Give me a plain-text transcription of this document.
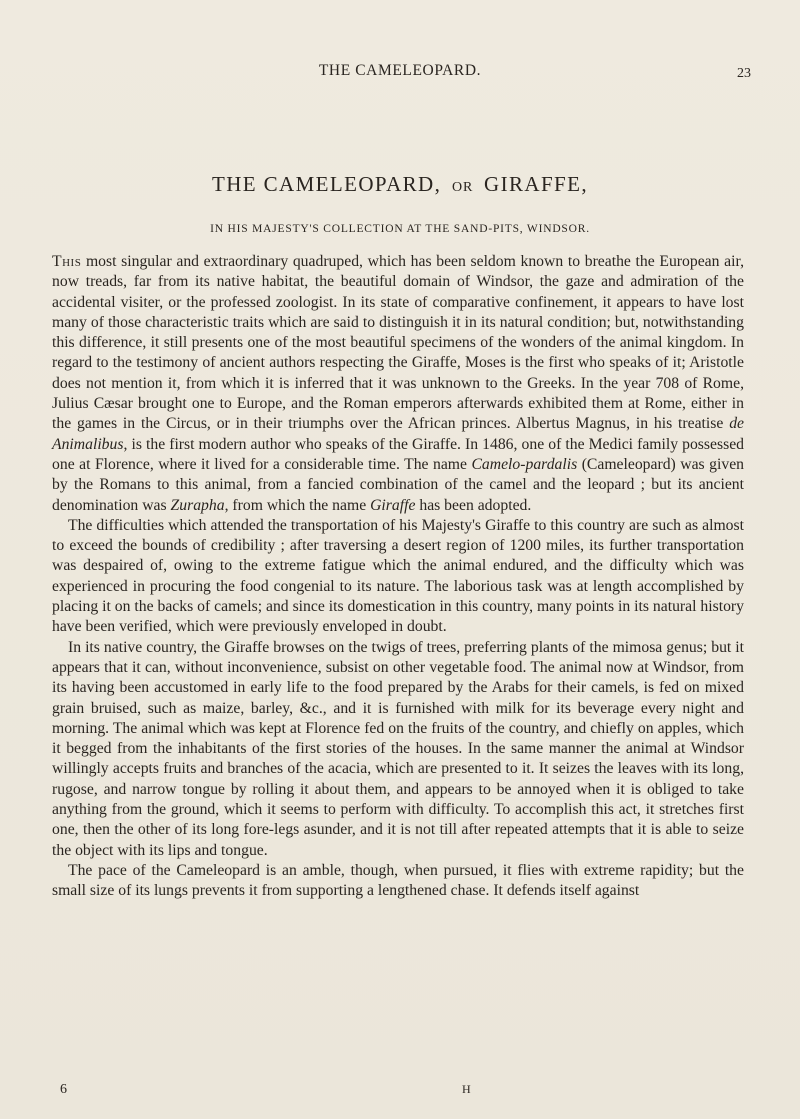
THE CAMELEOPARD.	23
THE CAMELEOPARD, OR GIRAFFE,
IN HIS MAJESTY'S COLLECTION AT THE SAND-PITS, WINDSOR.

This most singular and extraordinary quadruped, which has been seldom known to breathe the European air, now treads, far from its native habitat, the beautiful domain of Windsor, the gaze and admiration of the accidental visiter, or the professed zoologist. In its state of comparative confinement, it appears to have lost many of those characteristic traits which are said to distinguish it in its natural condition; but, notwithstanding this difference, it still presents one of the most beautiful specimens of the wonders of the animal kingdom. In regard to the testimony of ancient authors respecting the Giraffe, Moses is the first who speaks of it; Aristotle does not mention it, from which it is inferred that it was unknown to the Greeks. In the year 708 of Rome, Julius Cæsar brought one to Europe, and the Roman emperors afterwards exhibited them at Rome, either in the games in the Circus, or in their triumphs over the African princes. Albertus Magnus, in his treatise de Animalibus, is the first modern author who speaks of the Giraffe. In 1486, one of the Medici family possessed one at Florence, where it lived for a considerable time. The name Camelo-pardalis (Cameleopard) was given by the Romans to this animal, from a fancied combination of the camel and the leopard ; but its ancient denomination was Zurapha, from which the name Giraffe has been adopted.

The difficulties which attended the transportation of his Majesty's Giraffe to this country are such as almost to exceed the bounds of credibility ; after traversing a desert region of 1200 miles, its further transportation was despaired of, owing to the extreme fatigue which the animal endured, and the difficulty which was experienced in procuring the food congenial to its nature. The laborious task was at length accomplished by placing it on the backs of camels; and since its domestication in this country, many points in its natural history have been verified, which were previously enveloped in doubt.

In its native country, the Giraffe browses on the twigs of trees, preferring plants of the mimosa genus; but it appears that it can, without inconvenience, subsist on other vegetable food. The animal now at Windsor, from its having been accustomed in early life to the food prepared by the Arabs for their camels, is fed on mixed grain bruised, such as maize, barley, &c., and it is furnished with milk for its beverage every night and morning. The animal which was kept at Florence fed on the fruits of the country, and chiefly on apples, which it begged from the inhabitants of the first stories of the houses. In the same manner the animal at Windsor willingly accepts fruits and branches of the acacia, which are presented to it. It seizes the leaves with its long, rugose, and narrow tongue by rolling it about them, and appears to be annoyed when it is obliged to take anything from the ground, which it seems to perform with difficulty. To accomplish this act, it stretches first one, then the other of its long fore-legs asunder, and it is not till after repeated attempts that it is able to seize the object with its lips and tongue.

The pace of the Cameleopard is an amble, though, when pursued, it flies with extreme rapidity; but the small size of its lungs prevents it from supporting a lengthened chase. It defends itself against

6	H
